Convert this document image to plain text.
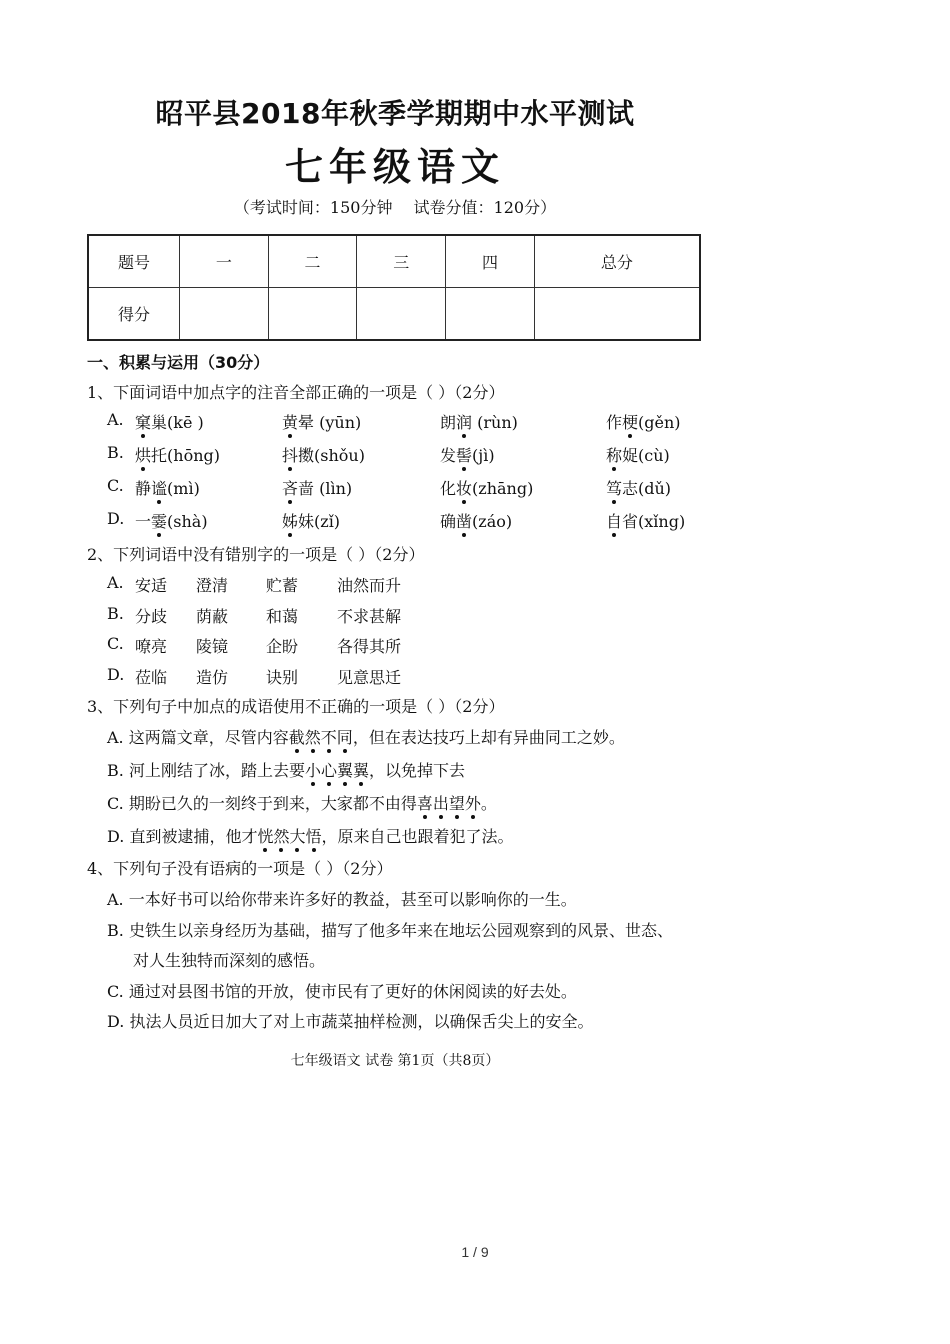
昭平县2018年秋季学期期中水平测试
七年级语文
（考试时间：150分钟 试卷分值：120分）
题号	一	二	三	四	总分
得分					
一、积累与运用（30分）
1、下面词语中加点字的注音全部正确的一项是（ ）（2分）
A. 窠巢(kē )	黄晕 (yūn)	朗润 (rùn)	作梗(gěn)
B. 烘托(hōng)	抖擞(shǒu)	发髻(jì)	称娖(cù)
C. 静谧(mì)	吝啬 (lìn)	化妆(zhāng)	笃志(dǔ)
D. 一霎(shà)	姊妹(zǐ)	确凿(záo)	自省(xǐng)
2、下列词语中没有错别字的一项是（ ）（2分）
A. 安适 澄清 贮蓄 油然而升
B. 分歧 荫蔽 和蔼 不求甚解
C. 嘹亮 陵镜 企盼 各得其所
D. 莅临 造仿 诀别 见意思迁
3、下列句子中加点的成语使用不正确的一项是（ ）（2分）
A. 这两篇文章，尽管内容截然不同，但在表达技巧上却有异曲同工之妙。
B. 河上刚结了冰，踏上去要小心翼翼，以免掉下去
C. 期盼已久的一刻终于到来，大家都不由得喜出望外。
D. 直到被逮捕，他才恍然大悟，原来自己也跟着犯了法。
4、下列句子没有语病的一项是（ ）（2分）
A. 一本好书可以给你带来许多好的教益，甚至可以影响你的一生。
B. 史铁生以亲身经历为基础，描写了他多年来在地坛公园观察到的风景、世态、
对人生独特而深刻的感悟。
C. 通过对县图书馆的开放，使市民有了更好的休闲阅读的好去处。
D. 执法人员近日加大了对上市蔬菜抽样检测，以确保舌尖上的安全。
七年级语文 试卷 第1页（共8页）
1 / 9
